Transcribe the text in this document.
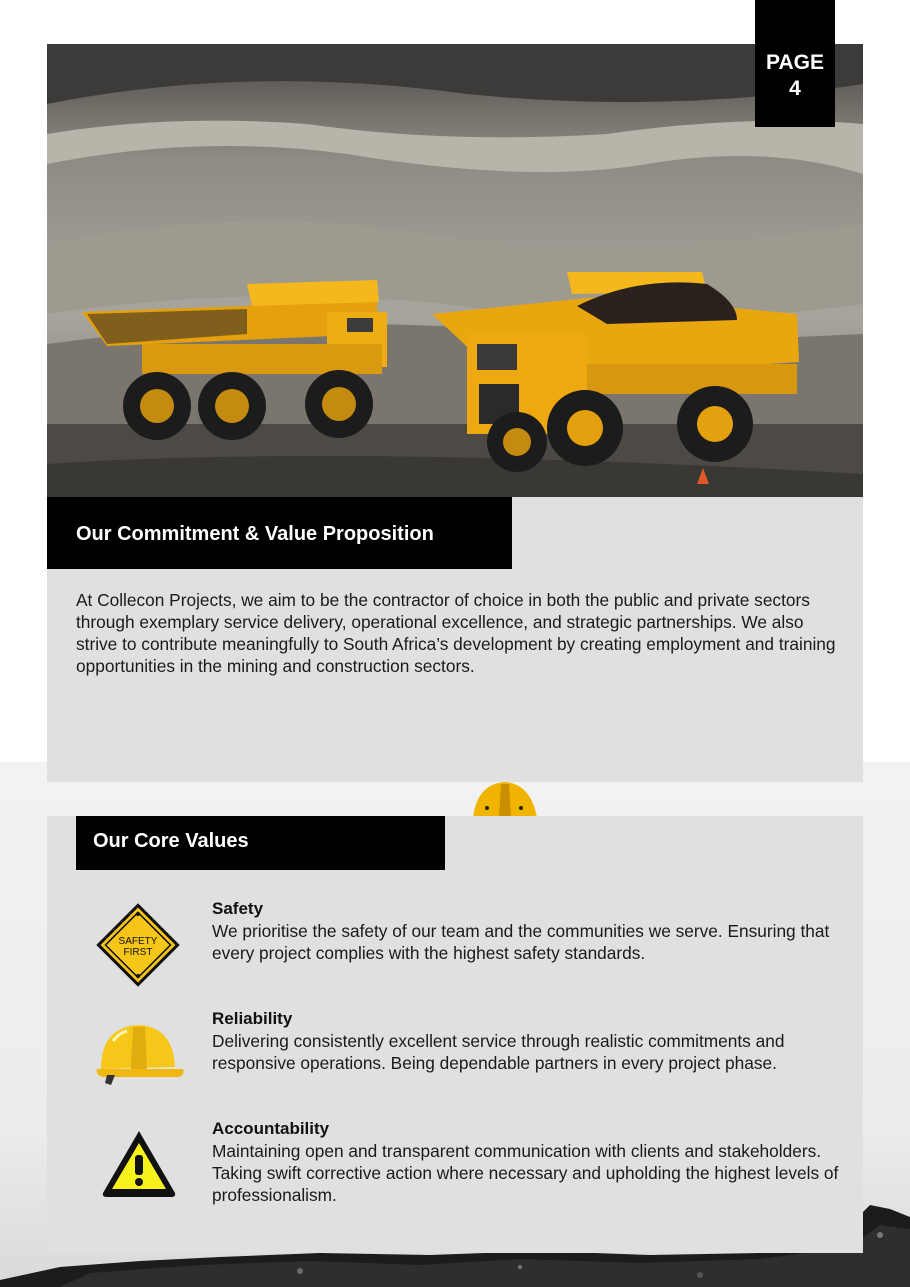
PAGE
4
Our Commitment & Value Proposition
At Collecon Projects, we aim to be the contractor of choice in both the public and private sectors through exemplary service delivery, operational excellence, and strategic partnerships. We also strive to contribute meaningfully to South Africa’s development by creating employment and training opportunities in the mining and construction sectors.
Our Core Values
SAFETY
FIRST
Safety
We prioritise the safety of our team and the communities we serve. Ensuring that every project complies with the highest safety standards.
Reliability
Delivering consistently excellent service through realistic commitments and responsive operations. Being dependable partners in every project phase.
Accountability
Maintaining open and transparent communication with clients and stakeholders. Taking swift corrective action where necessary and upholding the highest levels of professionalism.
